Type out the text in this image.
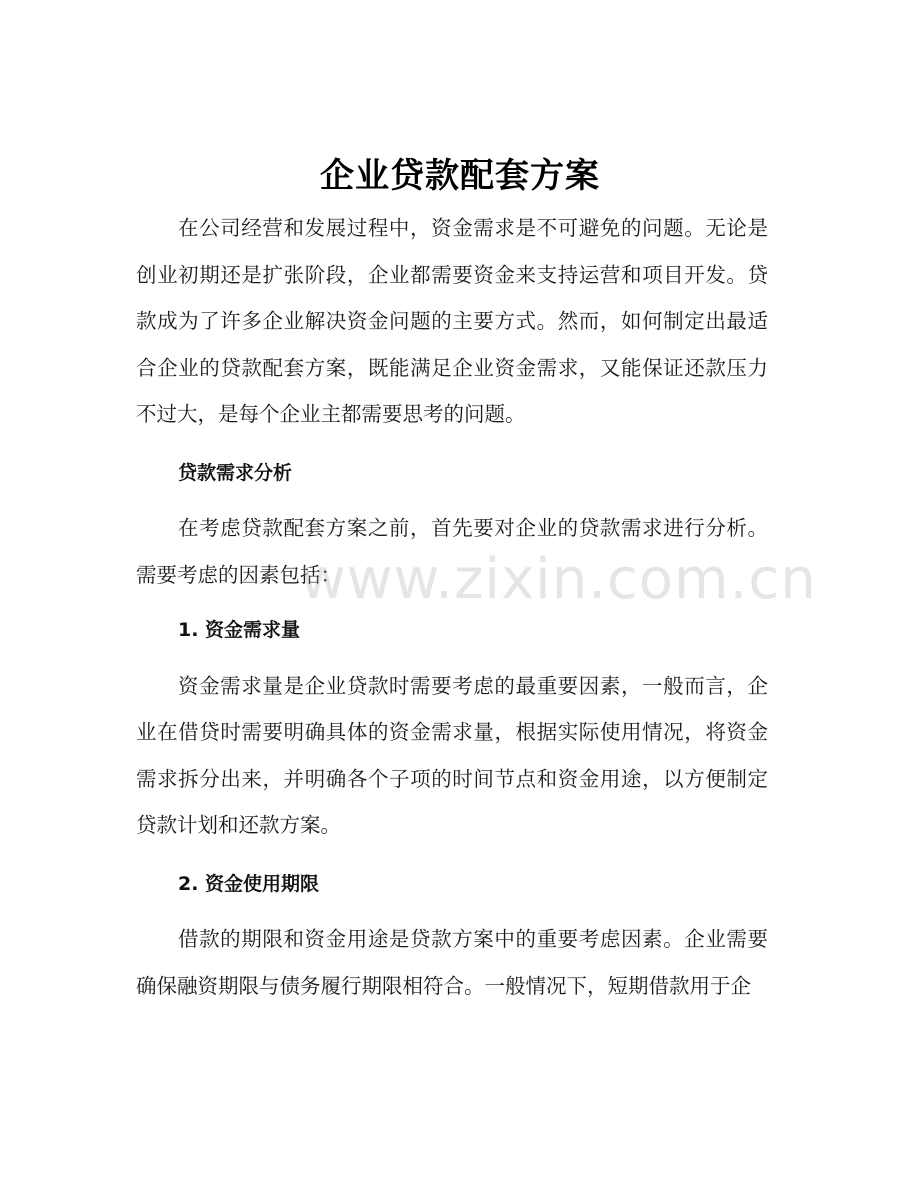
企业贷款配套方案

在公司经营和发展过程中，资金需求是不可避免的问题。无论是创业初期还是扩张阶段，企业都需要资金来支持运营和项目开发。贷款成为了许多企业解决资金问题的主要方式。然而，如何制定出最适合企业的贷款配套方案，既能满足企业资金需求，又能保证还款压力不过大，是每个企业主都需要思考的问题。

贷款需求分析

在考虑贷款配套方案之前，首先要对企业的贷款需求进行分析。需要考虑的因素包括：

1. 资金需求量

资金需求量是企业贷款时需要考虑的最重要因素，一般而言，企业在借贷时需要明确具体的资金需求量，根据实际使用情况，将资金需求拆分出来，并明确各个子项的时间节点和资金用途，以方便制定贷款计划和还款方案。

2. 资金使用期限

借款的期限和资金用途是贷款方案中的重要考虑因素。企业需要确保融资期限与债务履行期限相符合。一般情况下，短期借款用于企

www.zixin.com.cn
